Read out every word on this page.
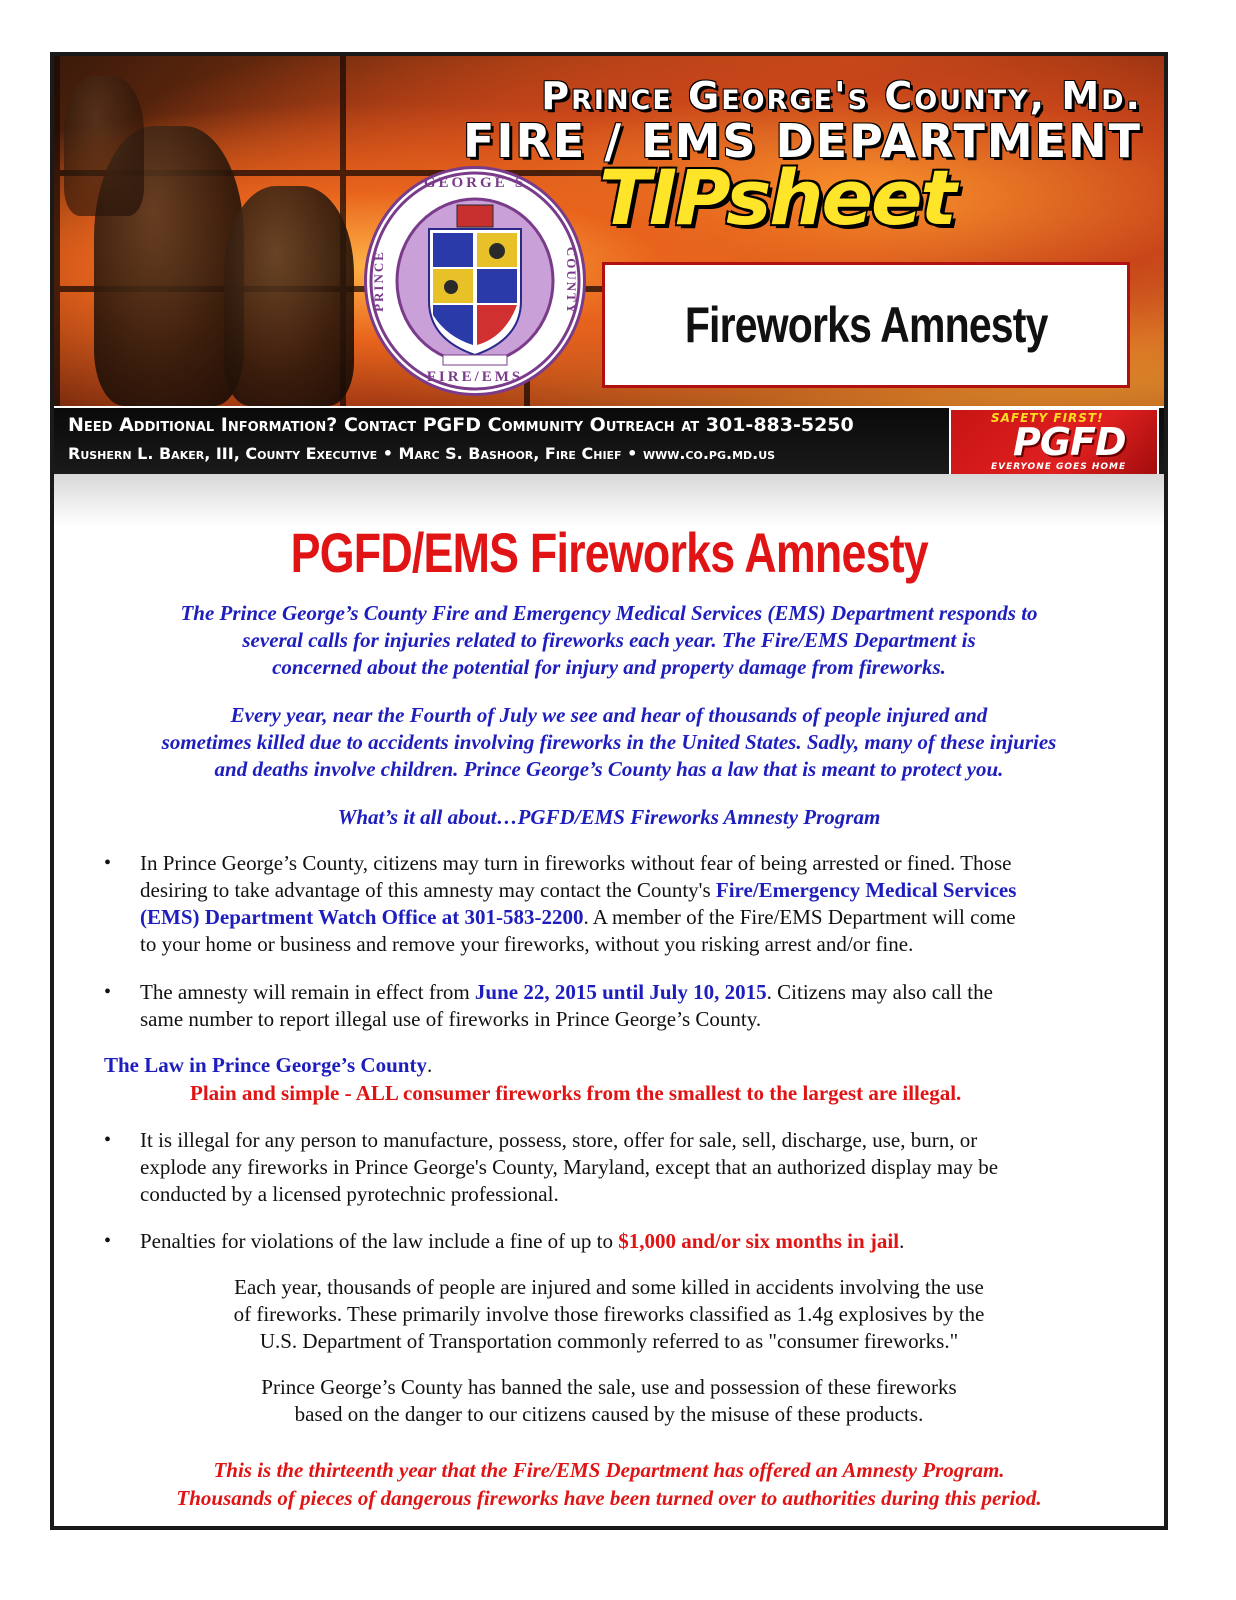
Prince George's County, Md.
FIRE / EMS DEPARTMENT
TIPsheet
Fireworks Amnesty
GEORGE'S
FIRE/EMS
PRINCE	COUNTY
Need Additional Information? Contact PGFD Community Outreach at 301-883-5250
Rushern L. Baker, III, County Executive • Marc S. Bashoor, Fire Chief • www.co.pg.md.us
SAFETY FIRST!
PGFD
EVERYONE GOES HOME
PGFD/EMS Fireworks Amnesty
The Prince George’s County Fire and Emergency Medical Services (EMS) Department responds to
several calls for injuries related to fireworks each year. The Fire/EMS Department is
concerned about the potential for injury and property damage from fireworks.
Every year, near the Fourth of July we see and hear of thousands of people injured and
sometimes killed due to accidents involving fireworks in the United States. Sadly, many of these injuries
and deaths involve children. Prince George’s County has a law that is meant to protect you.
What’s it all about…PGFD/EMS Fireworks Amnesty Program
• In Prince George’s County, citizens may turn in fireworks without fear of being arrested or fined. Those
desiring to take advantage of this amnesty may contact the County's Fire/Emergency Medical Services
(EMS) Department Watch Office at 301-583-2200. A member of the Fire/EMS Department will come
to your home or business and remove your fireworks, without you risking arrest and/or fine.
• The amnesty will remain in effect from June 22, 2015 until July 10, 2015. Citizens may also call the
same number to report illegal use of fireworks in Prince George’s County.
The Law in Prince George’s County.
Plain and simple - ALL consumer fireworks from the smallest to the largest are illegal.
• It is illegal for any person to manufacture, possess, store, offer for sale, sell, discharge, use, burn, or
explode any fireworks in Prince George's County, Maryland, except that an authorized display may be
conducted by a licensed pyrotechnic professional.
• Penalties for violations of the law include a fine of up to $1,000 and/or six months in jail.
Each year, thousands of people are injured and some killed in accidents involving the use
of fireworks. These primarily involve those fireworks classified as 1.4g explosives by the
U.S. Department of Transportation commonly referred to as "consumer fireworks."
Prince George’s County has banned the sale, use and possession of these fireworks
based on the danger to our citizens caused by the misuse of these products.
This is the thirteenth year that the Fire/EMS Department has offered an Amnesty Program.
Thousands of pieces of dangerous fireworks have been turned over to authorities during this period.
